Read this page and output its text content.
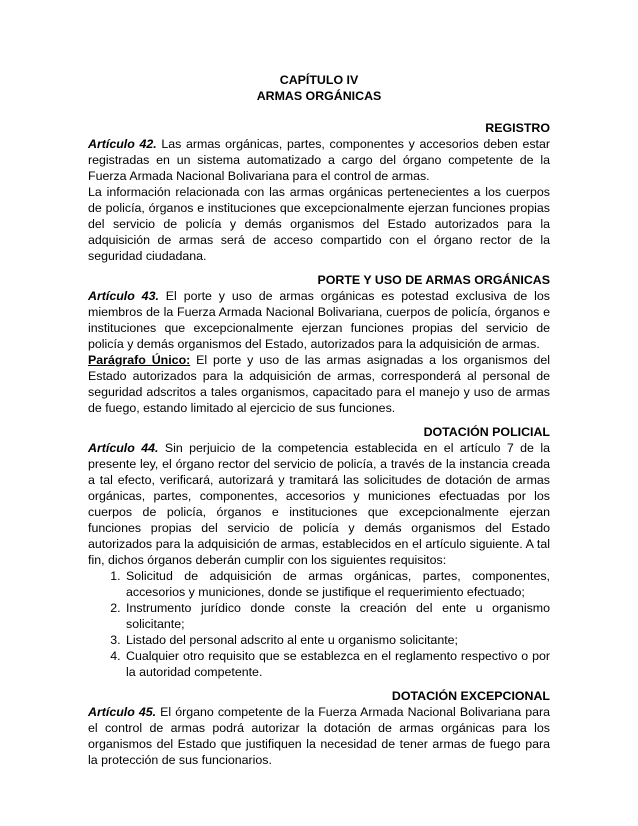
CAPÍTULO IV
ARMAS ORGÁNICAS
REGISTRO

Artículo 42. Las armas orgánicas, partes, componentes y accesorios deben estar registradas en un sistema automatizado a cargo del órgano competente de la Fuerza Armada Nacional Bolivariana para el control de armas.

La información relacionada con las armas orgánicas pertenecientes a los cuerpos de policía, órganos e instituciones que excepcionalmente ejerzan funciones propias del servicio de policía y demás organismos del Estado autorizados para la adquisición de armas será de acceso compartido con el órgano rector de la seguridad ciudadana.

PORTE Y USO DE ARMAS ORGÁNICAS

Artículo 43. El porte y uso de armas orgánicas es potestad exclusiva de los miembros de la Fuerza Armada Nacional Bolivariana, cuerpos de policía, órganos e instituciones que excepcionalmente ejerzan funciones propias del servicio de policía y demás organismos del Estado, autorizados para la adquisición de armas.

Parágrafo Único: El porte y uso de las armas asignadas a los organismos del Estado autorizados para la adquisición de armas, corresponderá al personal de seguridad adscritos a tales organismos, capacitado para el manejo y uso de armas de fuego, estando limitado al ejercicio de sus funciones.

DOTACIÓN POLICIAL

Artículo 44. Sin perjuicio de la competencia establecida en el artículo 7 de la presente ley, el órgano rector del servicio de policía, a través de la instancia creada a tal efecto, verificará, autorizará y tramitará las solicitudes de dotación de armas orgánicas, partes, componentes, accesorios y municiones efectuadas por los cuerpos de policía, órganos e instituciones que excepcionalmente ejerzan funciones propias del servicio de policía y demás organismos del Estado autorizados para la adquisición de armas, establecidos en el artículo siguiente. A tal fin, dichos órganos deberán cumplir con los siguientes requisitos:

1. Solicitud de adquisición de armas orgánicas, partes, componentes, accesorios y municiones, donde se justifique el requerimiento efectuado;
2. Instrumento jurídico donde conste la creación del ente u organismo solicitante;
3. Listado del personal adscrito al ente u organismo solicitante;
4. Cualquier otro requisito que se establezca en el reglamento respectivo o por la autoridad competente.
DOTACIÓN EXCEPCIONAL

Artículo 45. El órgano competente de la Fuerza Armada Nacional Bolivariana para el control de armas podrá autorizar la dotación de armas orgánicas para los organismos del Estado que justifiquen la necesidad de tener armas de fuego para la protección de sus funcionarios.
